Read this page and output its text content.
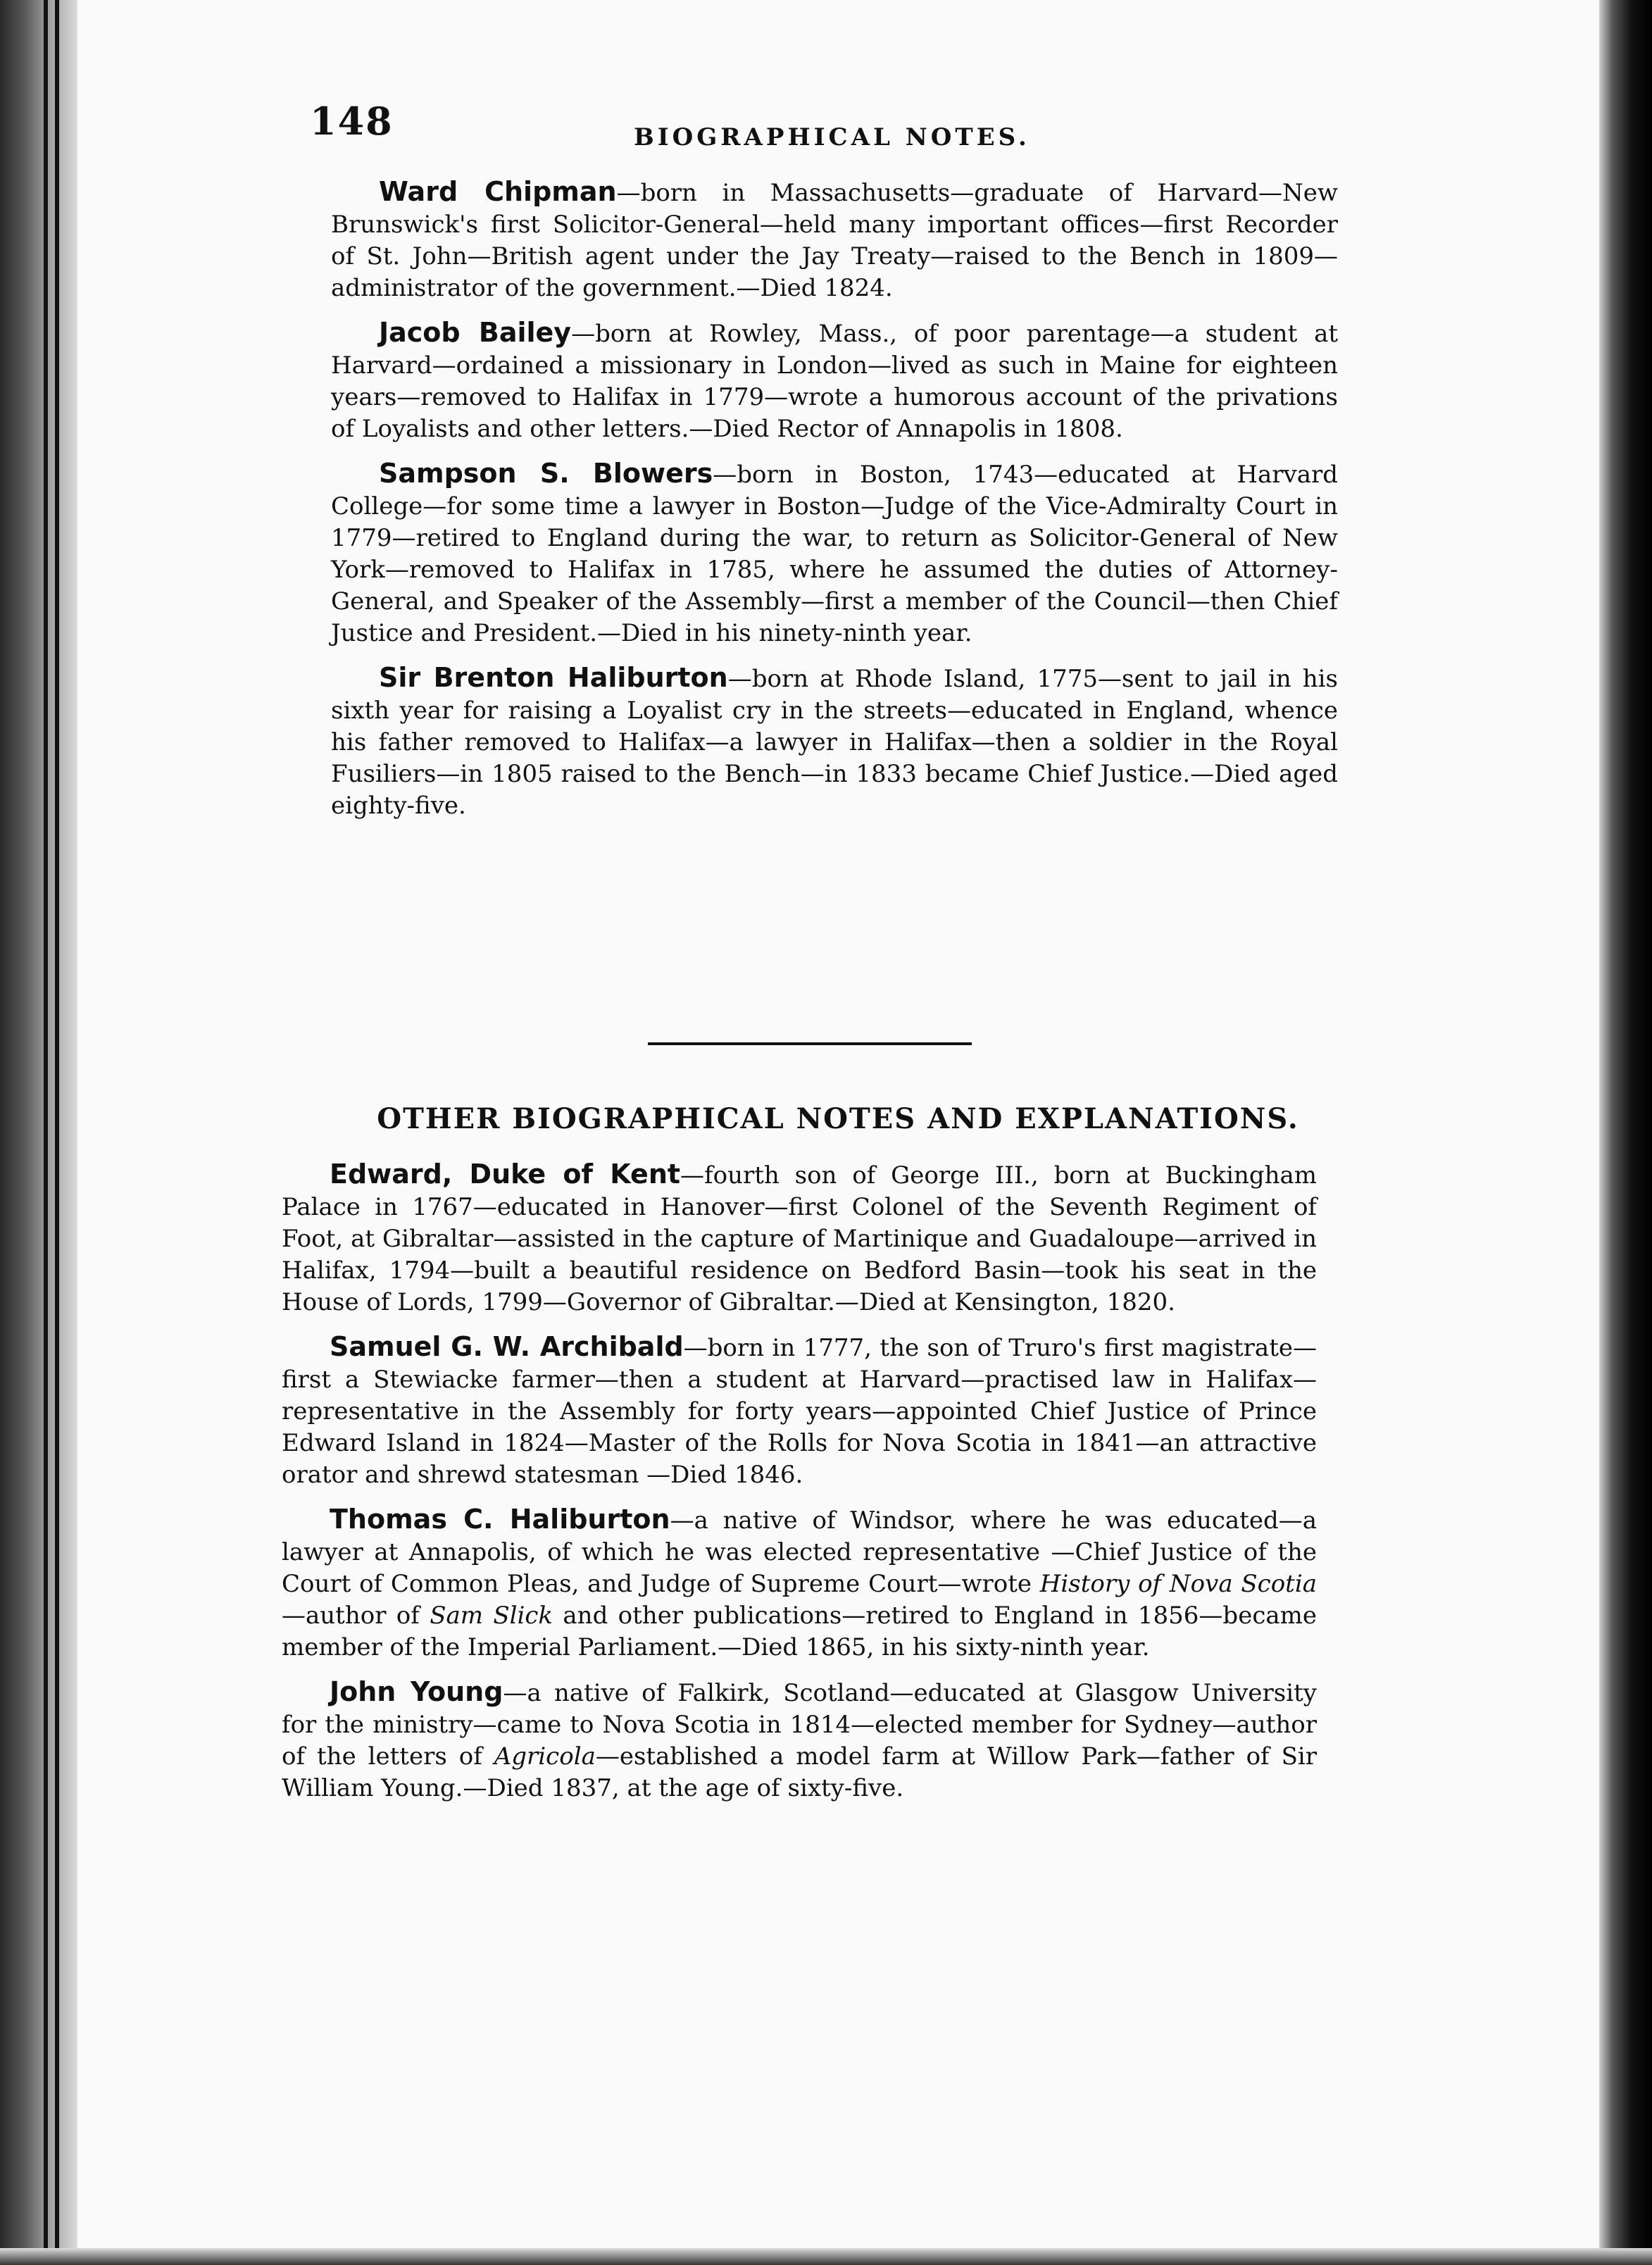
148	BIOGRAPHICAL NOTES.

Ward Chipman—born in Massachusetts—graduate of Harvard—New Brunswick's first Solicitor-General—held many important offices—first Recorder of St. John—British agent under the Jay Treaty—raised to the Bench in 1809—administrator of the government.—Died 1824.

Jacob Bailey—born at Rowley, Mass., of poor parentage—a student at Harvard—ordained a missionary in London—lived as such in Maine for eighteen years—removed to Halifax in 1779—wrote a humorous account of the privations of Loyalists and other letters.—Died Rector of Annapolis in 1808.

Sampson S. Blowers—born in Boston, 1743—educated at Harvard College—for some time a lawyer in Boston—Judge of the Vice-Admiralty Court in 1779—retired to England during the war, to return as Solicitor-General of New York—removed to Halifax in 1785, where he assumed the duties of Attorney-General, and Speaker of the Assembly—first a member of the Council—then Chief Justice and President.—Died in his ninety-ninth year.

Sir Brenton Haliburton—born at Rhode Island, 1775—sent to jail in his sixth year for raising a Loyalist cry in the streets—educated in England, whence his father removed to Halifax—a lawyer in Halifax—then a soldier in the Royal Fusiliers—in 1805 raised to the Bench—in 1833 became Chief Justice.—Died aged eighty-five.

OTHER BIOGRAPHICAL NOTES AND EXPLANATIONS.

Edward, Duke of Kent—fourth son of George III., born at Buckingham Palace in 1767—educated in Hanover—first Colonel of the Seventh Regiment of Foot, at Gibraltar—assisted in the capture of Martinique and Guadaloupe—arrived in Halifax, 1794—built a beautiful residence on Bedford Basin—took his seat in the House of Lords, 1799—Governor of Gibraltar.—Died at Kensington, 1820.

Samuel G. W. Archibald—born in 1777, the son of Truro's first magistrate—first a Stewiacke farmer—then a student at Harvard—practised law in Halifax—representative in the Assembly for forty years—appointed Chief Justice of Prince Edward Island in 1824—Master of the Rolls for Nova Scotia in 1841—an attractive orator and shrewd statesman —Died 1846.

Thomas C. Haliburton—a native of Windsor, where he was educated—a lawyer at Annapolis, of which he was elected representative —Chief Justice of the Court of Common Pleas, and Judge of Supreme Court—wrote History of Nova Scotia—author of Sam Slick and other publications—retired to England in 1856—became member of the Imperial Parliament.—Died 1865, in his sixty-ninth year.

John Young—a native of Falkirk, Scotland—educated at Glasgow University for the ministry—came to Nova Scotia in 1814—elected member for Sydney—author of the letters of Agricola—established a model farm at Willow Park—father of Sir William Young.—Died 1837, at the age of sixty-five.
